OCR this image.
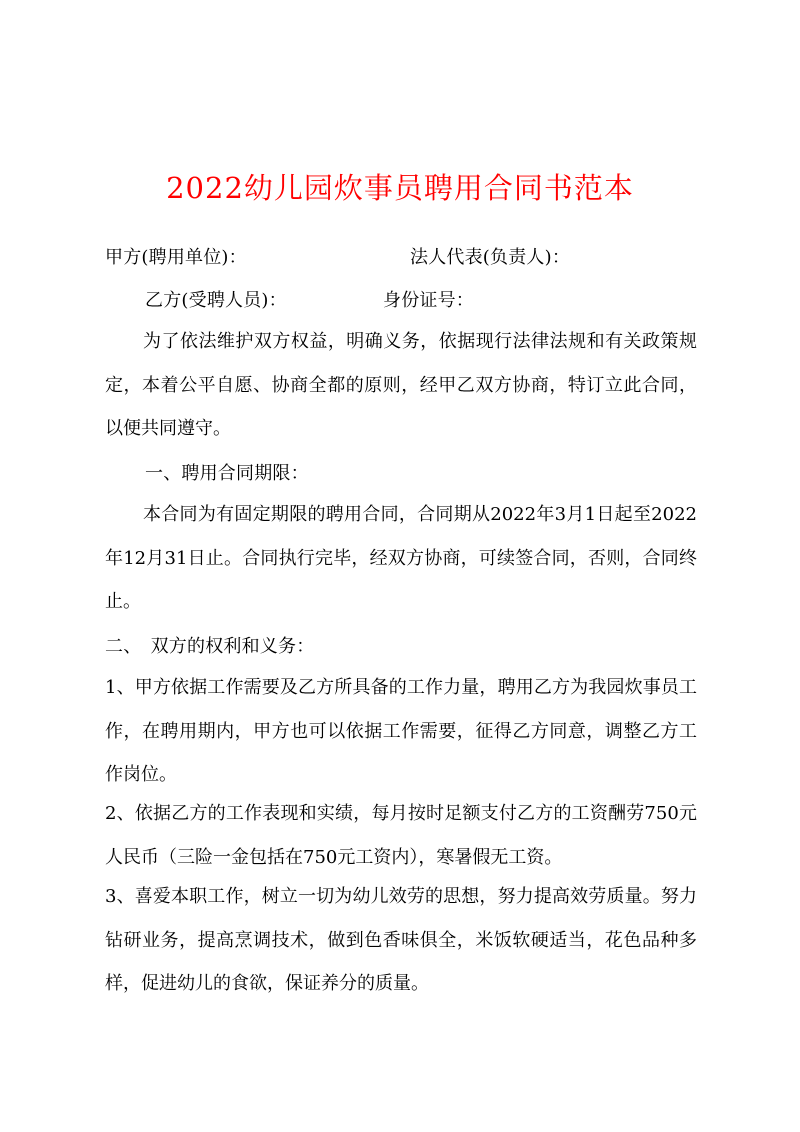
2022幼儿园炊事员聘用合同书范本
甲方(聘用单位)：	法人代表(负责人)：
乙方(受聘人员)：	身份证号：
为了依法维护双方权益，明确义务，依据现行法律法规和有关政策规定，本着公平自愿、协商全都的原则，经甲乙双方协商，特订立此合同，以便共同遵守。
一、聘用合同期限：
本合同为有固定期限的聘用合同，合同期从2022年3月1日起至2022年12月31日止。合同执行完毕，经双方协商，可续签合同，否则，合同终止。
二、　双方的权利和义务：
1、甲方依据工作需要及乙方所具备的工作力量，聘用乙方为我园炊事员工作，在聘用期内，甲方也可以依据工作需要，征得乙方同意，调整乙方工作岗位。
2、依据乙方的工作表现和实绩，每月按时足额支付乙方的工资酬劳750元人民币（三险一金包括在750元工资内），寒暑假无工资。
3、喜爱本职工作，树立一切为幼儿效劳的思想，努力提高效劳质量。努力钻研业务，提高烹调技术，做到色香味俱全，米饭软硬适当，花色品种多样，促进幼儿的食欲，保证养分的质量。
